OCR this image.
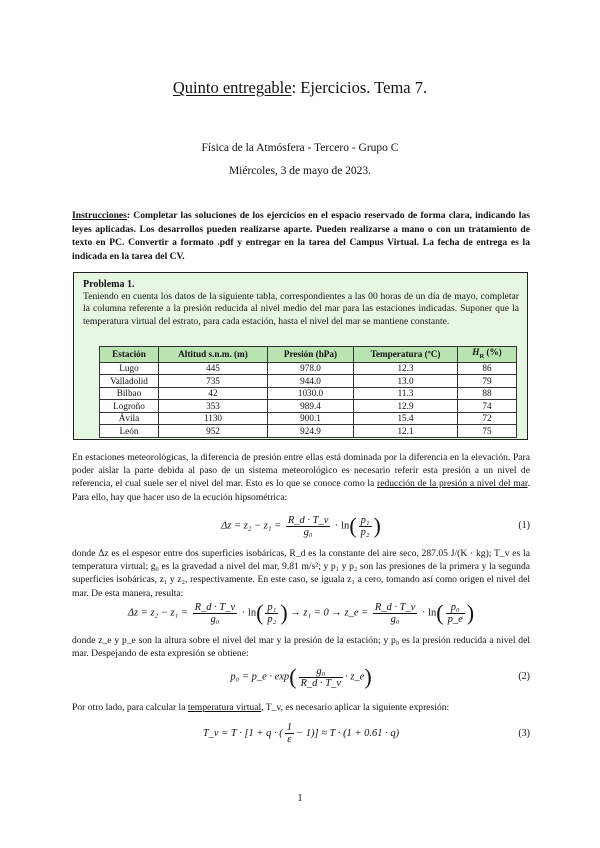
Quinto entregable: Ejercicios. Tema 7.
Física de la Atmósfera - Tercero - Grupo C
Miércoles, 3 de mayo de 2023.
Instrucciones: Completar las soluciones de los ejercicios en el espacio reservado de forma clara, indicando las leyes aplicadas. Los desarrollos pueden realizarse aparte. Pueden realizarse a mano o con un tratamiento de texto en PC. Convertir a formato .pdf y entregar en la tarea del Campus Virtual. La fecha de entrega es la indicada en la tarea del CV.
Problema 1.
Teniendo en cuenta los datos de la siguiente tabla, correspondientes a las 00 horas de un día de mayo, completar la columna referente a la presión reducida al nivel medio del mar para las estaciones indicadas. Suponer que la temperatura virtual del estrato, para cada estación, hasta el nivel del mar se mantiene constante.
Estación	Altitud s.n.m. (m)	Presión (hPa)	Temperatura (ºC)	$H_R$ (%)
Lugo	445	978.0	12.3	86
Valladolid	735	944.0	13.0	79
Bilbao	42	1030.0	11.3	88
Logroño	353	989.4	12.9	74
Ávila	1130	900.1	15.4	72
León	952	924.9	12.1	75
En estaciones meteorológicas, la diferencia de presión entre ellas está dominada por la diferencia en la elevación. Para poder aislar la parte debida al paso de un sistema meteorológico es necesario referir esta presión a un nivel de referencia, el cual suele ser el nivel del mar. Esto es lo que se conoce como la reducción de la presión a nivel del mar. Para ello, hay que hacer uso de la ecución hipsométrica:
$\Delta z = z_2 - z_1 = \frac{R\_d \cdot T\_v}{\text{g₀}} \cdot \ln( \frac{\text{p₁}}{\text{p₂}}$ )	(1)
donde Δz es el espesor entre dos superficies isobáricas, R_d es la constante del aire seco, 287.05 J/(K · kg); T_v es la temperatura virtual; g₀ es la gravedad a nivel del mar, 9.81 m/s²; y p₁ y p₂ son las presiones de la primera y la segunda superficies isobáricas, z₁ y z₂, respectivamente. En este caso, se iguala z₁ a cero, tomando así como origen el nivel del mar. De esta manera, resulta:
$\Delta z = z_2 - z_1 = \frac{R\_d \cdot T\_v}{\text{g₀}} \cdot \ln( \frac{\text{p₁}}{\text{p₂}}$ ) → z₁ = 0 → z_e = $\frac{R\_d \cdot T\_v}{\text{g₀}} \cdot \ln( \frac{\text{p₀}}{p\_e}$ )
donde z_e y p_e son la altura sobre el nivel del mar y la presión de la estación; y p₀ es la presión reducida a nivel del mar. Despejando de esta expresión se obtiene:
p₀ = p_e · $\exp( \frac{\text{g₀}}{R\_d \cdot T\_v}$ · z_e)	(2)
Por otro lado, para calcular la temperatura virtual, T_v, es necesario aplicar la siguiente expresión:
T_v = T · [1 + q · ( $\frac{1}{\varepsilon} - 1)] \approx T \cdot (1 + 0.61 \cdot q)$	(3)
1
